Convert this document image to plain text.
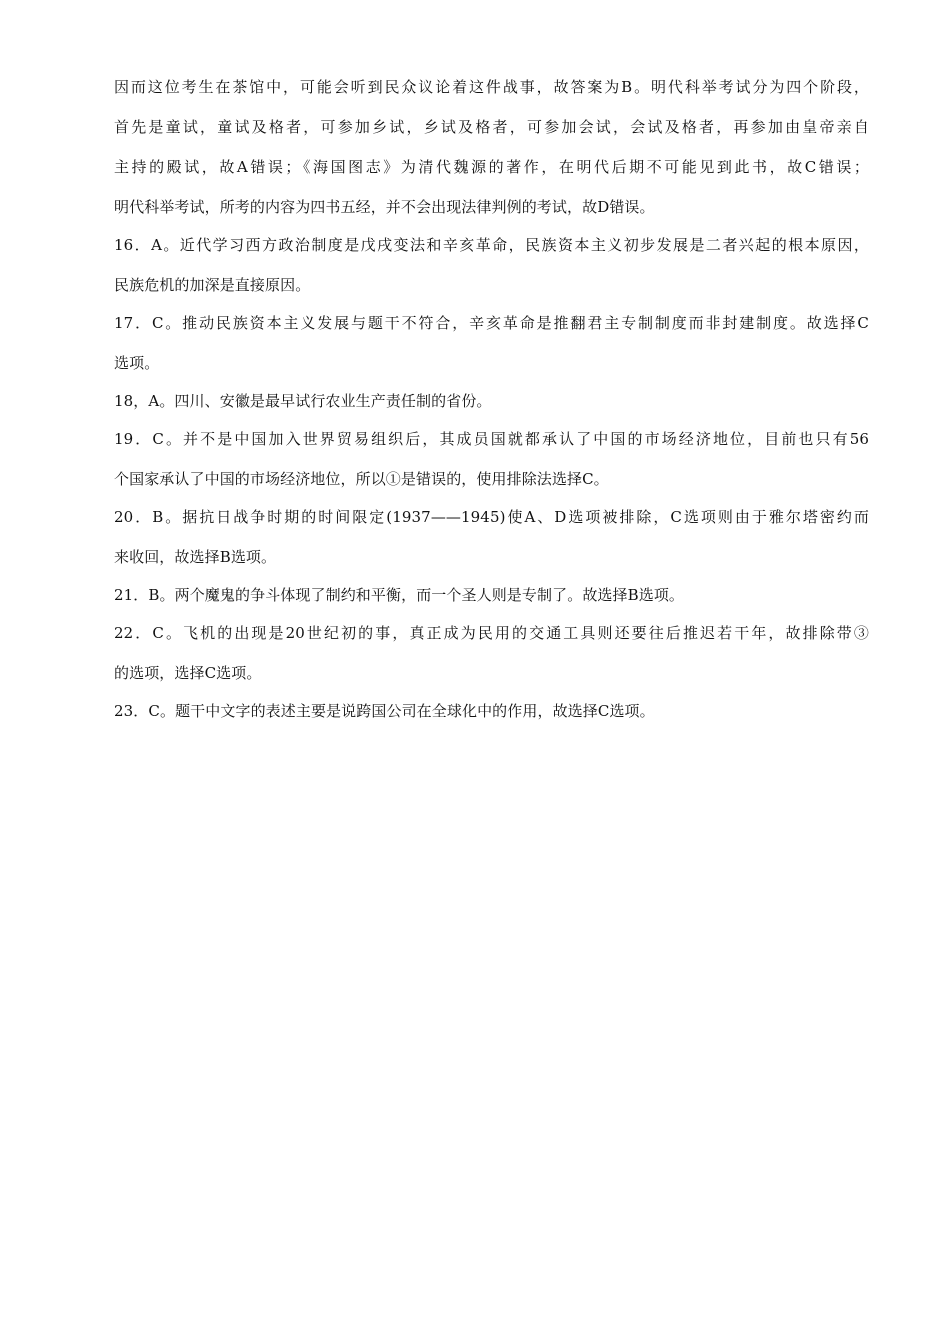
因而这位考生在茶馆中，可能会听到民众议论着这件战事，故答案为B。明代科举考试分为四个阶段，
首先是童试，童试及格者，可参加乡试，乡试及格者，可参加会试，会试及格者，再参加由皇帝亲自
主持的殿试，故A错误；《海国图志》为清代魏源的著作，在明代后期不可能见到此书，故C错误；
明代科举考试，所考的内容为四书五经，并不会出现法律判例的考试，故D错误。
16．A。近代学习西方政治制度是戊戌变法和辛亥革命，民族资本主义初步发展是二者兴起的根本原因，
民族危机的加深是直接原因。
17．C。推动民族资本主义发展与题干不符合，辛亥革命是推翻君主专制制度而非封建制度。故选择C
选项。
18，A。四川、安徽是最早试行农业生产责任制的省份。
19．C。并不是中国加入世界贸易组织后，其成员国就都承认了中国的市场经济地位，目前也只有56
个国家承认了中国的市场经济地位，所以①是错误的，使用排除法选择C。
20．B。据抗日战争时期的时间限定(1937——1945)使A、D选项被排除，C选项则由于雅尔塔密约而
来收回，故选择B选项。
21．B。两个魔鬼的争斗体现了制约和平衡，而一个圣人则是专制了。故选择B选项。
22．C。飞机的出现是20世纪初的事，真正成为民用的交通工具则还要往后推迟若干年，故排除带③
的选项，选择C选项。
23．C。题干中文字的表述主要是说跨国公司在全球化中的作用，故选择C选项。
